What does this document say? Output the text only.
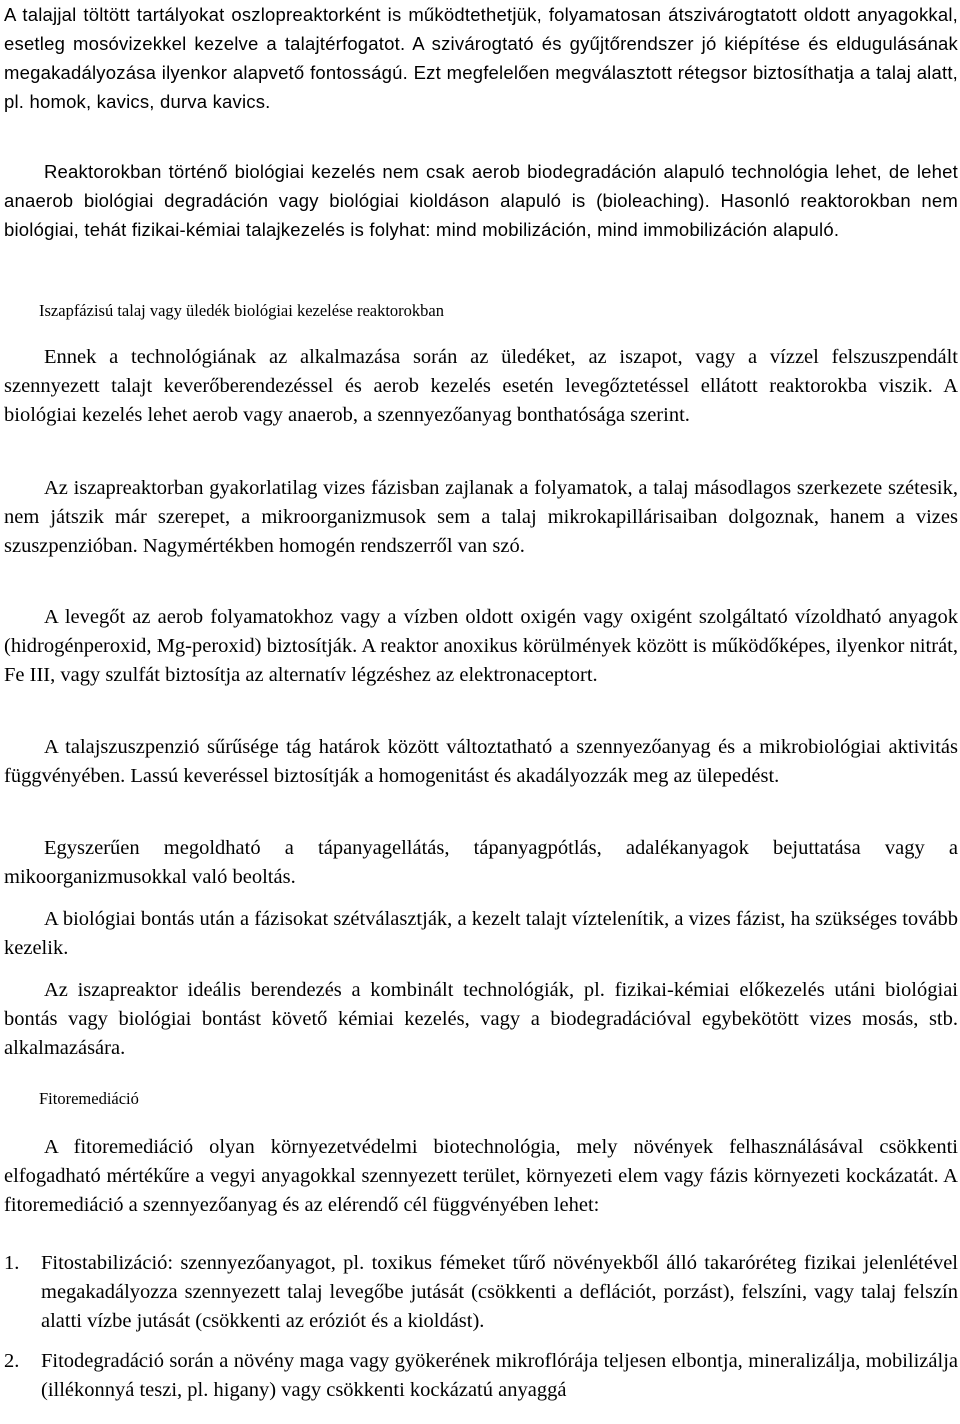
A talajjal töltött tartályokat oszlopreaktorként is működtethetjük, folyamatosan átszivárogtatott oldott anyagokkal, esetleg mosóvizekkel kezelve a talajtérfogatot. A szivárogtató és gyűjtőrendszer jó kiépítése és eldugulásának megakadályozása ilyenkor alapvető fontosságú. Ezt megfelelően megválasztott rétegsor biztosíthatja a talaj alatt, pl. homok, kavics, durva kavics.

Reaktorokban történő biológiai kezelés nem csak aerob biodegradáción alapuló technológia lehet, de lehet anaerob biológiai degradáción vagy biológiai kioldáson alapuló is (bioleaching). Hasonló reaktorokban nem biológiai, tehát fizikai-kémiai talajkezelés is folyhat: mind mobilizáción, mind immobilizáción alapuló.

Iszapfázisú talaj vagy üledék biológiai kezelése reaktorokban

Ennek a technológiának az alkalmazása során az üledéket, az iszapot, vagy a vízzel felszuszpendált szennyezett talajt keverőberendezéssel és aerob kezelés esetén levegőztetéssel ellátott reaktorokba viszik. A biológiai kezelés lehet aerob vagy anaerob, a szennyezőanyag bonthatósága szerint.

Az iszapreaktorban gyakorlatilag vizes fázisban zajlanak a folyamatok, a talaj másodlagos szerkezete szétesik, nem játszik már szerepet, a mikroorganizmusok sem a talaj mikrokapillárisaiban dolgoznak, hanem a vizes szuszpenzióban. Nagymértékben homogén rendszerről van szó.

A levegőt az aerob folyamatokhoz vagy a vízben oldott oxigén vagy oxigént szolgáltató vízoldható anyagok (hidrogénperoxid, Mg-peroxid) biztosítják. A reaktor anoxikus körülmények között is működőképes, ilyenkor nitrát, Fe III, vagy szulfát biztosítja az alternatív légzéshez az elektronaceptort.

A talajszuszpenzió sűrűsége tág határok között változtatható a szennyezőanyag és a mikrobiológiai aktivitás függvényében. Lassú keveréssel biztosítják a homogenitást és akadályozzák meg az ülepedést.

Egyszerűen megoldható a tápanyagellátás, tápanyagpótlás, adalékanyagok bejuttatása vagy a mikoorganizmusokkal való beoltás.

A biológiai bontás után a fázisokat szétválasztják, a kezelt talajt víztelenítik, a vizes fázist, ha szükséges tovább kezelik.

Az iszapreaktor ideális berendezés a kombinált technológiák, pl. fizikai-kémiai előkezelés utáni biológiai bontás vagy biológiai bontást követő kémiai kezelés, vagy a biodegradációval egybekötött vizes mosás, stb. alkalmazására.

Fitoremediáció

A fitoremediáció olyan környezetvédelmi biotechnológia, mely növények felhasználásával csökkenti elfogadható mértékűre a vegyi anyagokkal szennyezett terület, környezeti elem vagy fázis környezeti kockázatát. A fitoremediáció a szennyezőanyag és az elérendő cél függvényében lehet:

1.	Fitostabilizáció: szennyezőanyagot, pl. toxikus fémeket tűrő növényekből álló takaróréteg fizikai jelenlétével megakadályozza szennyezett talaj levegőbe jutását (csökkenti a deflációt, porzást), felszíni, vagy talaj felszín alatti vízbe jutását (csökkenti az eróziót és a kioldást).
2.	Fitodegradáció során a növény maga vagy gyökerének mikroflórája teljesen elbontja, mineralizálja, mobilizálja (illékonnyá teszi, pl. higany) vagy csökkenti kockázatú anyaggá
